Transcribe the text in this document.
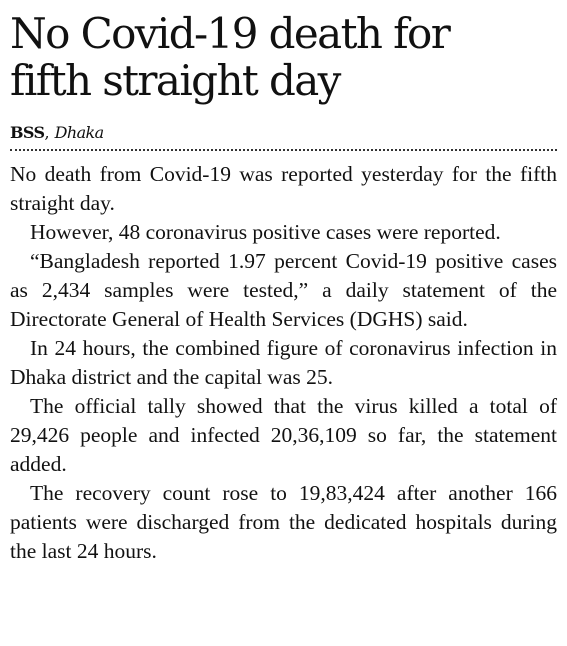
No Covid-19 death for
fifth straight day
BSS, Dhaka

No death from Covid-19 was reported yesterday for the fifth straight day.

However, 48 coronavirus positive cases were reported.

“Bangladesh reported 1.97 percent Covid-19 positive cases as 2,434 samples were tested,” a daily statement of the Directorate General of Health Services (DGHS) said.

In 24 hours, the combined figure of coronavirus infection in Dhaka district and the capital was 25.

The official tally showed that the virus killed a total of 29,426 people and infected 20,36,109 so far, the statement added.

The recovery count rose to 19,83,424 after another 166 patients were discharged from the dedicated hospitals during the last 24 hours.
